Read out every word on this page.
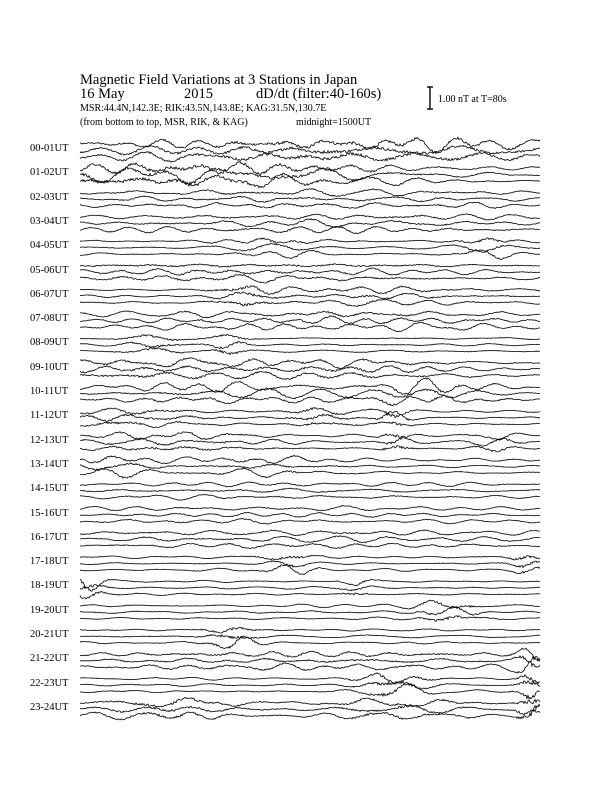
Magnetic Field Variations at 3 Stations in Japan
16 May	2015	dD/dt (filter:40-160s)
MSR:44.4N,142.3E; RIK:43.5N,143.8E; KAG:31.5N,130.7E
(from bottom to top, MSR, RIK, & KAG)	midnight=1500UT
1.00 nT at T=80s
00-01UT
01-02UT
02-03UT
03-04UT
04-05UT
05-06UT
06-07UT
07-08UT
08-09UT
09-10UT
10-11UT
11-12UT
12-13UT
13-14UT
14-15UT
15-16UT
16-17UT
17-18UT
18-19UT
19-20UT
20-21UT
21-22UT
22-23UT
23-24UT
